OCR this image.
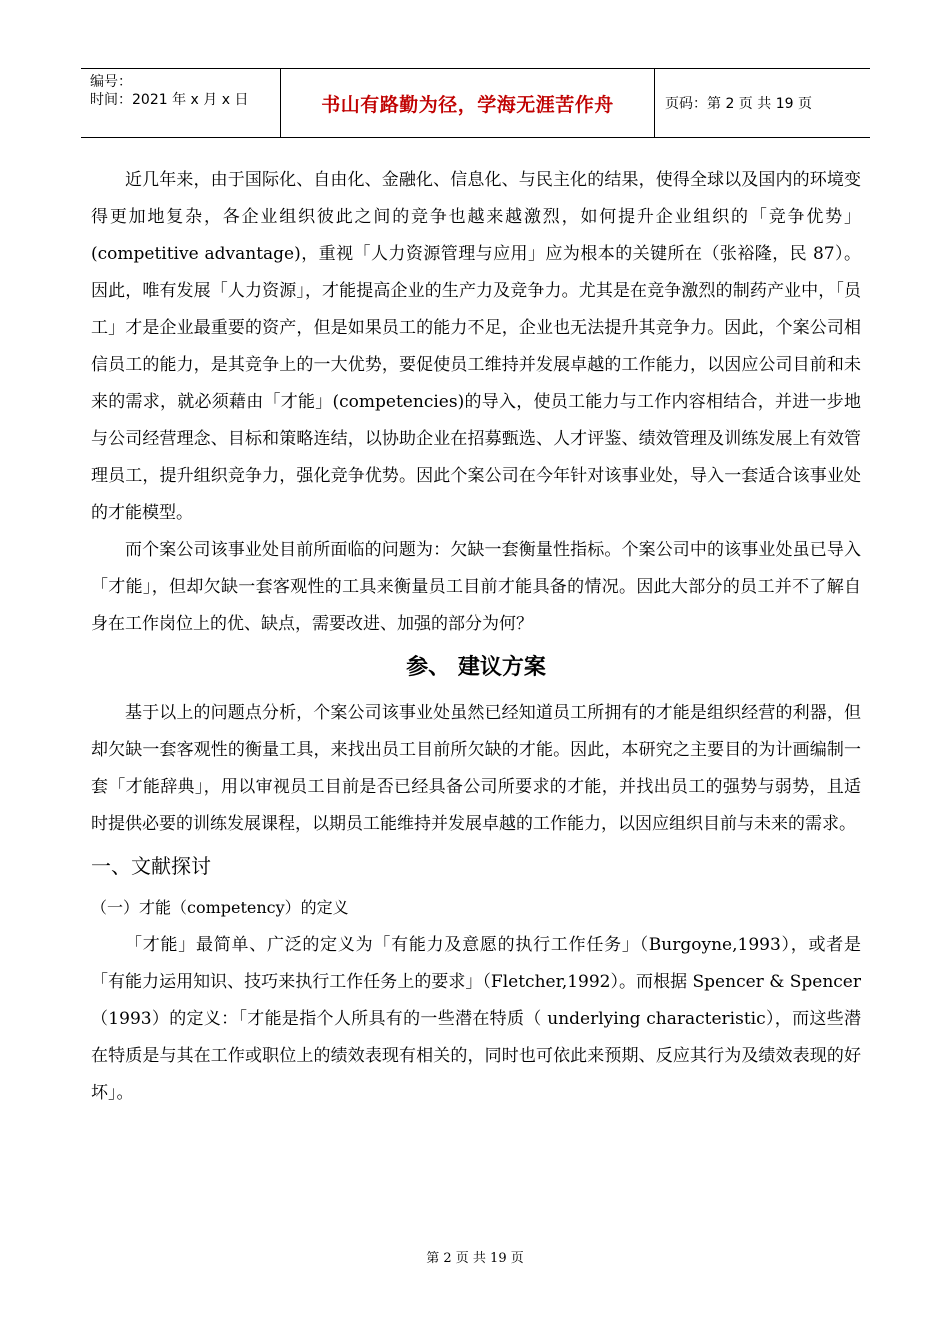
编号：
时间：2021 年 x 月 x 日	书山有路勤为径，学海无涯苦作舟	页码：第 2 页 共 19 页

近几年来，由于国际化、自由化、金融化、信息化、与民主化的结果，使得全球以及国内的环境变得更加地复杂，各企业组织彼此之间的竞争也越来越激烈，如何提升企业组织的「竞争优势」(competitive advantage)，重视「人力资源管理与应用」应为根本的关键所在（张裕隆，民 87）。因此，唯有发展「人力资源」，才能提高企业的生产力及竞争力。尤其是在竞争激烈的制药产业中，「员工」才是企业最重要的资产，但是如果员工的能力不足，企业也无法提升其竞争力。因此，个案公司相信员工的能力，是其竞争上的一大优势，要促使员工维持并发展卓越的工作能力，以因应公司目前和未来的需求，就必须藉由「才能」(competencies)的导入，使员工能力与工作内容相结合，并进一步地与公司经营理念、目标和策略连结，以协助企业在招募甄选、人才评鉴、绩效管理及训练发展上有效管理员工，提升组织竞争力，强化竞争优势。因此个案公司在今年针对该事业处，导入一套适合该事业处的才能模型。

而个案公司该事业处目前所面临的问题为：欠缺一套衡量性指标。个案公司中的该事业处虽已导入「才能」，但却欠缺一套客观性的工具来衡量员工目前才能具备的情况。因此大部分的员工并不了解自身在工作岗位上的优、缺点，需要改进、加强的部分为何？

参、 建议方案

基于以上的问题点分析，个案公司该事业处虽然已经知道员工所拥有的才能是组织经营的利器，但却欠缺一套客观性的衡量工具，来找出员工目前所欠缺的才能。因此，本研究之主要目的为计画编制一套「才能辞典」，用以审视员工目前是否已经具备公司所要求的才能，并找出员工的强势与弱势，且适时提供必要的训练发展课程，以期员工能维持并发展卓越的工作能力，以因应组织目前与未来的需求。

一、文献探讨
（一）才能（competency）的定义

「才能」最简单、广泛的定义为「有能力及意愿的执行工作任务」（Burgoyne,1993），或者是「有能力运用知识、技巧来执行工作任务上的要求」（Fletcher,1992）。而根据 Spencer & Spencer（1993）的定义：「才能是指个人所具有的一些潜在特质（ underlying characteristic），而这些潜在特质是与其在工作或职位上的绩效表现有相关的，同时也可依此来预期、反应其行为及绩效表现的好坏」。

第 2 页 共 19 页
